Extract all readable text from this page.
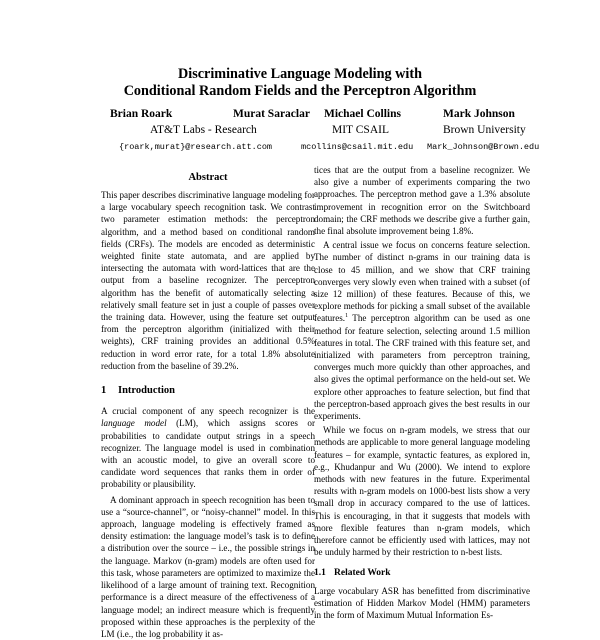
Discriminative Language Modeling with
Conditional Random Fields and the Perceptron Algorithm
Brian Roark	Murat Saraclar Michael Collins	Mark Johnson
AT&T Labs - Research	MIT CSAIL	Brown University
{roark,murat}@research.att.com	mcollins@csail.mit.edu Mark_Johnson@Brown.edu
Abstract

This paper describes discriminative language modeling for a large vocabulary speech recognition task. We contrast two parameter estimation methods: the perceptron algorithm, and a method based on conditional random fields (CRFs). The models are encoded as deterministic weighted finite state automata, and are applied by intersecting the automata with word-lattices that are the output from a baseline recognizer. The perceptron algorithm has the benefit of automatically selecting a relatively small feature set in just a couple of passes over the training data. However, using the feature set output from the perceptron algorithm (initialized with their weights), CRF training provides an additional 0.5% reduction in word error rate, for a total 1.8% absolute reduction from the baseline of 39.2%.

1 Introduction

A crucial component of any speech recognizer is the language model (LM), which assigns scores or probabilities to candidate output strings in a speech recognizer. The language model is used in combination with an acoustic model, to give an overall score to candidate word sequences that ranks them in order of probability or plausibility.

A dominant approach in speech recognition has been to use a “source-channel”, or “noisy-channel” model. In this approach, language modeling is effectively framed as density estimation: the language model’s task is to define a distribution over the source – i.e., the possible strings in the language. Markov (n-gram) models are often used for this task, whose parameters are optimized to maximize the likelihood of a large amount of training text. Recognition performance is a direct measure of the effectiveness of a language model; an indirect measure which is frequently proposed within these approaches is the perplexity of the LM (i.e., the log probability it as-

tices that are the output from a baseline recognizer. We also give a number of experiments comparing the two approaches. The perceptron method gave a 1.3% absolute improvement in recognition error on the Switchboard domain; the CRF methods we describe give a further gain, the final absolute improvement being 1.8%.

A central issue we focus on concerns feature selection. The number of distinct n-grams in our training data is close to 45 million, and we show that CRF training converges very slowly even when trained with a subset (of size 12 million) of these features. Because of this, we explore methods for picking a small subset of the available features.$^1$ The perceptron algorithm can be used as one method for feature selection, selecting around 1.5 million features in total. The CRF trained with this feature set, and initialized with parameters from perceptron training, converges much more quickly than other approaches, and also gives the optimal performance on the held-out set. We explore other approaches to feature selection, but find that the perceptron-based approach gives the best results in our experiments.

While we focus on n-gram models, we stress that our methods are applicable to more general language modeling features – for example, syntactic features, as explored in, e.g., Khudanpur and Wu (2000). We intend to explore methods with new features in the future. Experimental results with n-gram models on 1000-best lists show a very small drop in accuracy compared to the use of lattices. This is encouraging, in that it suggests that models with more flexible features than n-gram models, which therefore cannot be efficiently used with lattices, may not be unduly harmed by their restriction to n-best lists.

1.1 Related Work

Large vocabulary ASR has benefitted from discriminative estimation of Hidden Markov Model (HMM) parameters in the form of Maximum Mutual Information Es-
